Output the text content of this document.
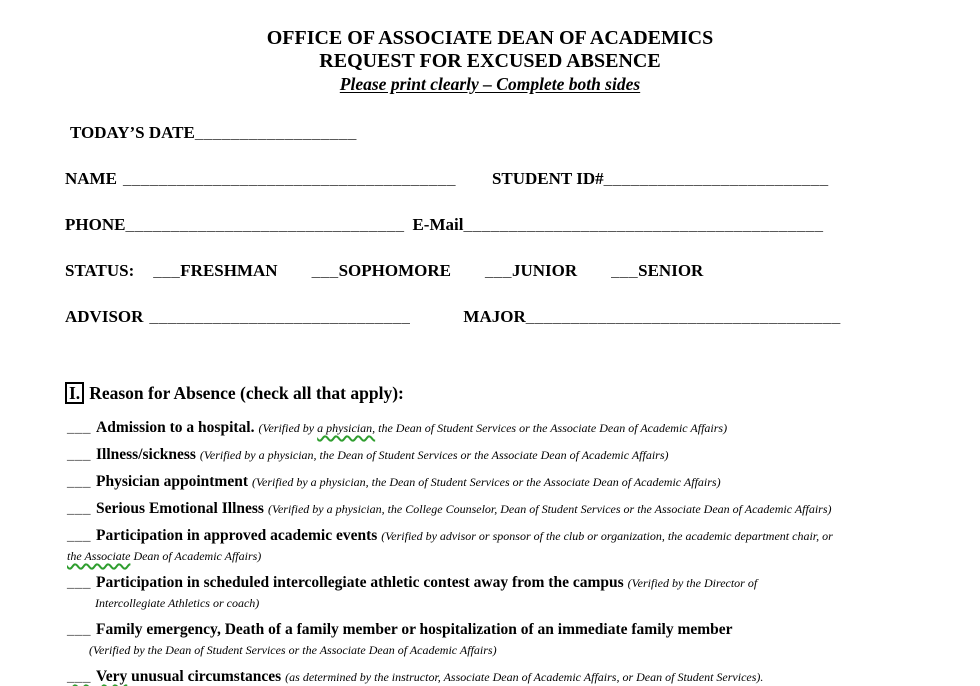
OFFICE OF ASSOCIATE DEAN OF ACADEMICS
REQUEST FOR EXCUSED ABSENCE
Please print clearly – Complete both sides
TODAY’S DATE__________________
NAME _____________________________________ STUDENT ID#_________________________
PHONE_______________________________ E-Mail________________________________________
STATUS: ___FRESHMAN ___SOPHOMORE ___JUNIOR ___SENIOR
ADVISOR _____________________________	MAJOR___________________________________
I. Reason for Absence (check all that apply):
___ Admission to a hospital. (Verified by a physician, the Dean of Student Services or the Associate Dean of Academic Affairs)
___ Illness/sickness (Verified by a physician, the Dean of Student Services or the Associate Dean of Academic Affairs)
___ Physician appointment (Verified by a physician, the Dean of Student Services or the Associate Dean of Academic Affairs)
___ Serious Emotional Illness (Verified by a physician, the College Counselor, Dean of Student Services or the Associate Dean of Academic Affairs)
___ Participation in approved academic events (Verified by advisor or sponsor of the club or organization, the academic department chair, or
the Associate Dean of Academic Affairs)
___ Participation in scheduled intercollegiate athletic contest away from the campus (Verified by the Director of
Intercollegiate Athletics or coach)
___ Family emergency, Death of a family member or hospitalization of an immediate family member
(Verified by the Dean of Student Services or the Associate Dean of Academic Affairs)
___ Very unusual circumstances (as determined by the instructor, Associate Dean of Academic Affairs, or Dean of Student Services).
